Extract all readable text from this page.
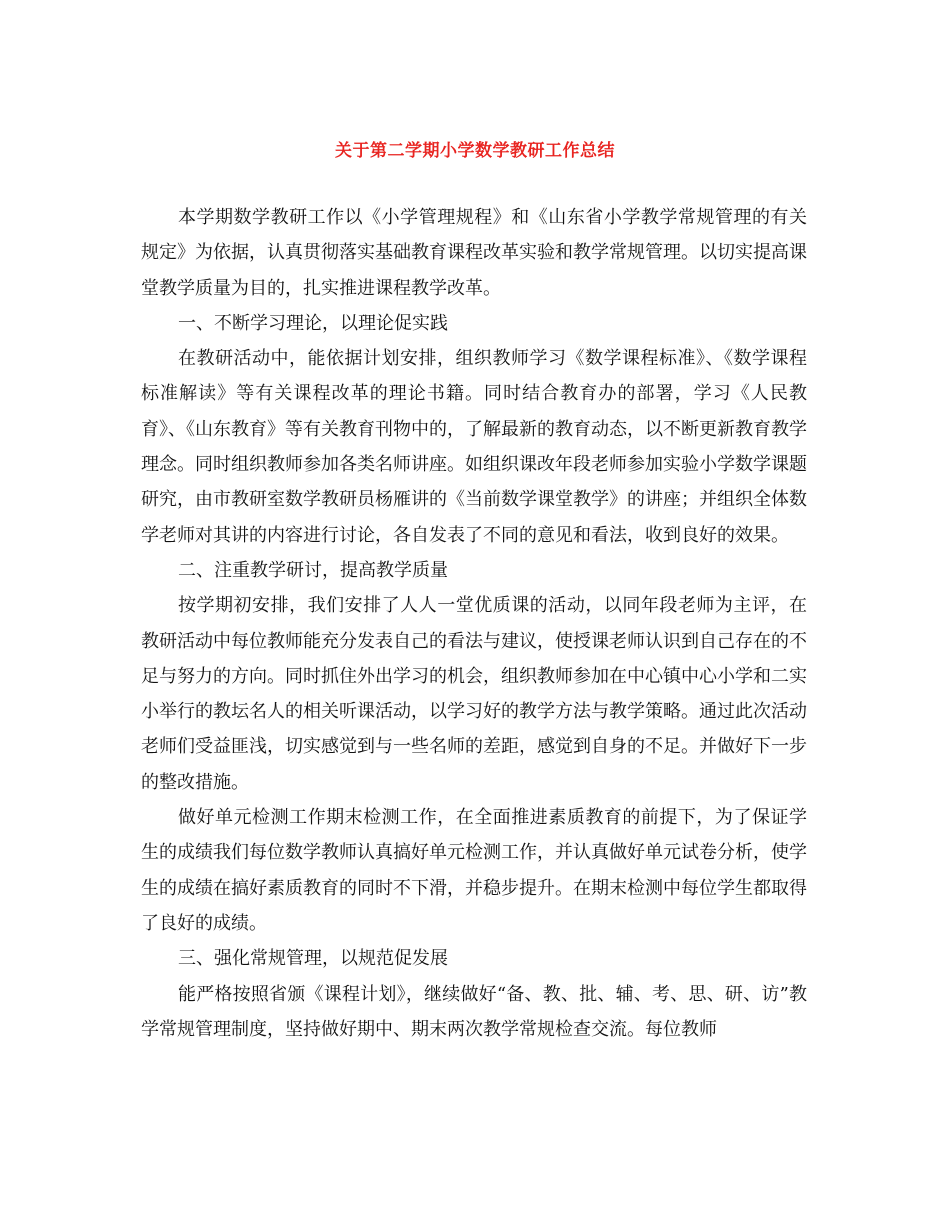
关于第二学期小学数学教研工作总结

本学期数学教研工作以《小学管理规程》和《山东省小学教学常规管理的有关规定》为依据，认真贯彻落实基础教育课程改革实验和教学常规管理。以切实提高课堂教学质量为目的，扎实推进课程教学改革。

一、不断学习理论，以理论促实践

在教研活动中，能依据计划安排，组织教师学习《数学课程标准》、《数学课程标准解读》等有关课程改革的理论书籍。同时结合教育办的部署，学习《人民教育》、《山东教育》等有关教育刊物中的，了解最新的教育动态，以不断更新教育教学理念。同时组织教师参加各类名师讲座。如组织课改年段老师参加实验小学数学课题研究，由市教研室数学教研员杨雁讲的《当前数学课堂教学》的讲座；并组织全体数学老师对其讲的内容进行讨论，各自发表了不同的意见和看法，收到良好的效果。

二、注重教学研讨，提高教学质量

按学期初安排，我们安排了人人一堂优质课的活动，以同年段老师为主评，在教研活动中每位教师能充分发表自己的看法与建议，使授课老师认识到自己存在的不足与努力的方向。同时抓住外出学习的机会，组织教师参加在中心镇中心小学和二实小举行的教坛名人的相关听课活动，以学习好的教学方法与教学策略。通过此次活动老师们受益匪浅，切实感觉到与一些名师的差距，感觉到自身的不足。并做好下一步的整改措施。

做好单元检测工作期末检测工作，在全面推进素质教育的前提下，为了保证学生的成绩我们每位数学教师认真搞好单元检测工作，并认真做好单元试卷分析，使学生的成绩在搞好素质教育的同时不下滑，并稳步提升。在期末检测中每位学生都取得了良好的成绩。

三、强化常规管理，以规范促发展

能严格按照省颁《课程计划》，继续做好“备、教、批、辅、考、思、研、访”教学常规管理制度，坚持做好期中、期末两次教学常规检查交流。每位教师
